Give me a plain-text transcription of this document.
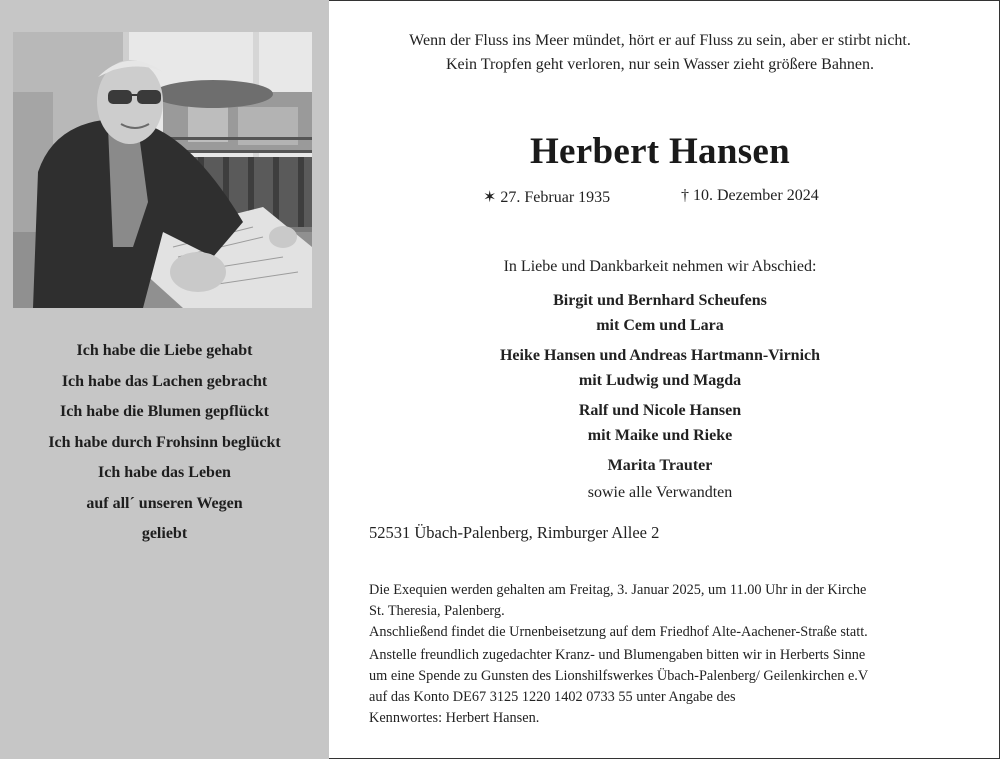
Ich habe die Liebe gehabt
Ich habe das Lachen gebracht
Ich habe die Blumen gepflückt
Ich habe durch Frohsinn beglückt
Ich habe das Leben
auf all´ unseren Wegen
geliebt
Wenn der Fluss ins Meer mündet, hört er auf Fluss zu sein, aber er stirbt nicht.
Kein Tropfen geht verloren, nur sein Wasser zieht größere Bahnen.
Herbert Hansen
✶ 27. Februar 1935	† 10. Dezember 2024
In Liebe und Dankbarkeit nehmen wir Abschied:
Birgit und Bernhard Scheufens
mit Cem und Lara
Heike Hansen und Andreas Hartmann-Virnich
mit Ludwig und Magda
Ralf und Nicole Hansen
mit Maike und Rieke
Marita Trauter
sowie alle Verwandten
52531 Übach-Palenberg, Rimburger Allee 2
Die Exequien werden gehalten am Freitag, 3. Januar 2025, um 11.00 Uhr in der Kirche
St. Theresia, Palenberg.
Anschließend findet die Urnenbeisetzung auf dem Friedhof Alte-Aachener-Straße statt.
Anstelle freundlich zugedachter Kranz- und Blumengaben bitten wir in Herberts Sinne
um eine Spende zu Gunsten des Lionshilfswerkes Übach-Palenberg/ Geilenkirchen e.V
auf das Konto DE67 3125 1220 1402 0733 55 unter Angabe des
Kennwortes: Herbert Hansen.
